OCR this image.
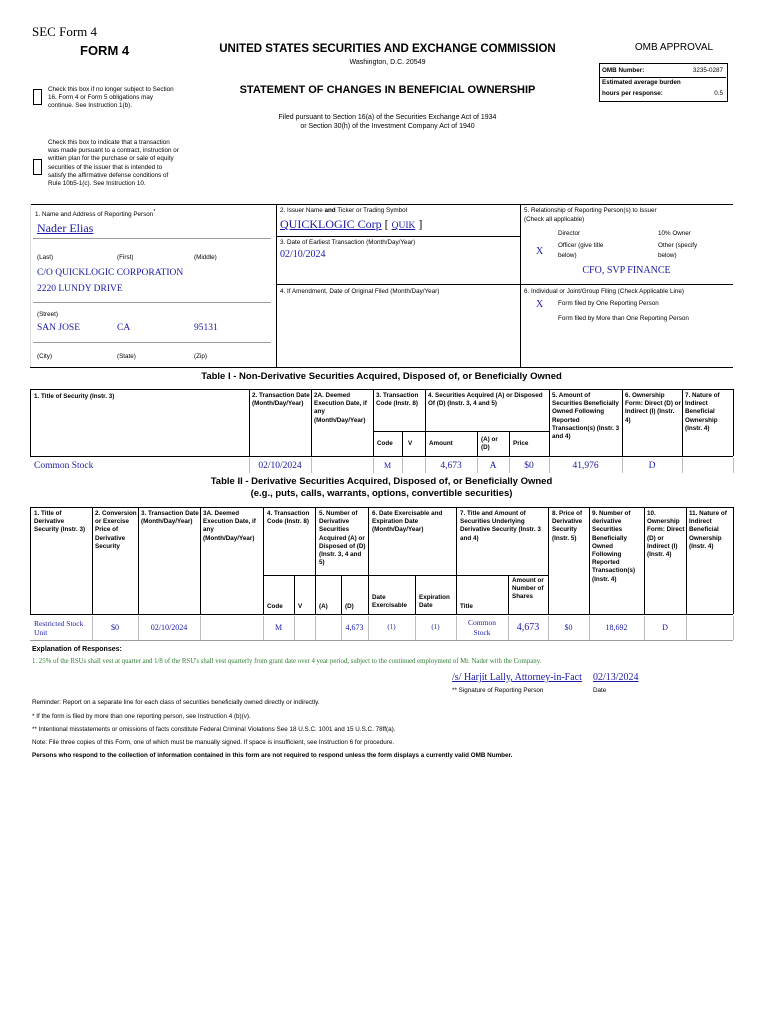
SEC Form 4
FORM 4	UNITED STATES SECURITIES AND EXCHANGE COMMISSION
Washington, D.C. 20549
STATEMENT OF CHANGES IN BENEFICIAL OWNERSHIP
Filed pursuant to Section 16(a) of the Securities Exchange Act of 1934
or Section 30(h) of the Investment Company Act of 1940
OMB APPROVAL
OMB Number:	3235-0287
Estimated average burden
hours per response:	0.5
Check this box if no longer subject to Section 16. Form 4 or Form 5 obligations may continue. See Instruction 1(b).
Check this box to indicate that a transaction was made pursuant to a contract, instruction or written plan for the purchase or sale of equity securities of the issuer that is intended to satisfy the affirmative defense conditions of Rule 10b5-1(c). See Instruction 10.
1. Name and Address of Reporting Person*
Nader Elias
(Last)	(First)	(Middle)
C/O QUICKLOGIC CORPORATION
2220 LUNDY DRIVE
(Street)
SAN JOSE	CA	95131
(City)	(State)	(Zip)
2. Issuer Name and Ticker or Trading Symbol
QUICKLOGIC Corp [ QUIK ]
3. Date of Earliest Transaction (Month/Day/Year)
02/10/2024
4. If Amendment, Date of Original Filed (Month/Day/Year)
5. Relationship of Reporting Person(s) to Issuer
(Check all applicable)
Director	10% Owner
X
Officer (give title
below)
Other (specify
below)
CFO, SVP FINANCE
6. Individual or Joint/Group Filing (Check Applicable Line)
X Form filed by One Reporting Person
Form filed by More than One Reporting Person
Table I - Non-Derivative Securities Acquired, Disposed of, or Beneficially Owned
1. Title of Security (Instr. 3)	2. Transaction Date (Month/Day/Year)
2A. Deemed Execution Date, if any (Month/Day/Year)
3. Transaction Code (Instr. 8)
4. Securities Acquired (A) or Disposed Of (D) (Instr. 3, 4 and 5)
5. Amount of Securities Beneficially Owned Following Reported Transaction(s) (Instr. 3 and 4)
6. Ownership Form: Direct (D) or Indirect (I) (Instr. 4)
7. Nature of Indirect Beneficial Ownership (Instr. 4)
Code V	Amount
(A) or (D)
Price
Common Stock	02/10/2024	M	4,673	A	$0	41,976	D
Table II - Derivative Securities Acquired, Disposed of, or Beneficially Owned
(e.g., puts, calls, warrants, options, convertible securities)
1. Title of Derivative Security (Instr. 3)
2. Conversion or Exercise Price of Derivative Security
3. Transaction Date (Month/Day/Year)
3A. Deemed Execution Date, if any (Month/Day/Year)
4. Transaction Code (Instr. 8)
5. Number of Derivative Securities Acquired (A) or Disposed of (D) (Instr. 3, 4 and 5)
6. Date Exercisable and Expiration Date (Month/Day/Year)
7. Title and Amount of Securities Underlying Derivative Security (Instr. 3 and 4)
8. Price of Derivative Security (Instr. 5)
9. Number of derivative Securities Beneficially Owned Following Reported Transaction(s) (Instr. 4)
10. Ownership Form: Direct (D) or Indirect (I) (Instr. 4)
11. Nature of Indirect Beneficial Ownership (Instr. 4)
Code V	(A)	(D)
Date Exercisable
Expiration Date	Title
Amount or Number of Shares
Restricted Stock Unit
$0	02/10/2024	M	4,673	(1)	(1)	Common Stock	4,673	$0	18,692	D
Explanation of Responses:
1. 25% of the RSUs shall vest at quarter and 1/8 of the RSU's shall vest quarterly from grant date over 4 year period, subject to the continued employment of Mr. Nader with the Company.
/s/ Harjit Lally, Attorney-in-Fact 02/13/2024
** Signature of Reporting Person	Date
Reminder: Report on a separate line for each class of securities beneficially owned directly or indirectly.
* If the form is filed by more than one reporting person, see Instruction 4 (b)(v).
** Intentional misstatements or omissions of facts constitute Federal Criminal Violations See 18 U.S.C. 1001 and 15 U.S.C. 78ff(a).
Note: File three copies of this Form, one of which must be manually signed. If space is insufficient, see Instruction 6 for procedure.
Persons who respond to the collection of information contained in this form are not required to respond unless the form displays a currently valid OMB Number.
